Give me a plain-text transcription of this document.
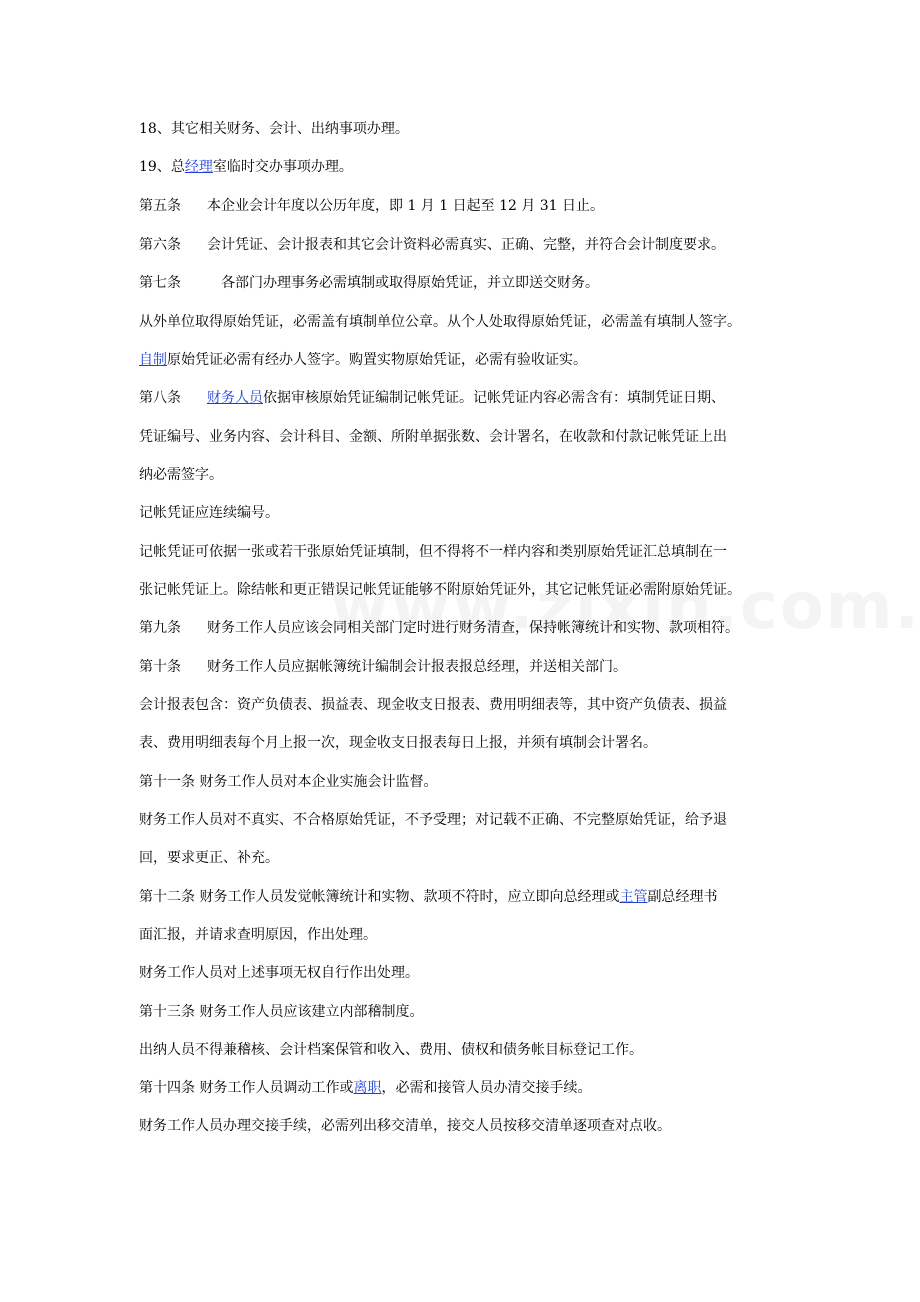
18、其它相关财务、会计、出纳事项办理。
19、总经理室临时交办事项办理。
第五条 本企业会计年度以公历年度，即 1 月 1 日起至 12 月 31 日止。
第六条 会计凭证、会计报表和其它会计资料必需真实、正确、完整，并符合会计制度要求。
第七条	各部门办理事务必需填制或取得原始凭证，并立即送交财务。
从外单位取得原始凭证，必需盖有填制单位公章。从个人处取得原始凭证，必需盖有填制人签字。
自制原始凭证必需有经办人签字。购置实物原始凭证，必需有验收证实。
第八条 财务人员依据审核原始凭证编制记帐凭证。记帐凭证内容必需含有：填制凭证日期、
凭证编号、业务内容、会计科目、金额、所附单据张数、会计署名，在收款和付款记帐凭证上出
纳必需签字。
记帐凭证应连续编号。
记帐凭证可依据一张或若干张原始凭证填制，但不得将不一样内容和类别原始凭证汇总填制在一
张记帐凭证上。除结帐和更正错误记帐凭证能够不附原始凭证外，其它记帐凭证必需附原始凭证。
第九条 财务工作人员应该会同相关部门定时进行财务清查，保持帐簿统计和实物、款项相符。
第十条 财务工作人员应据帐簿统计编制会计报表报总经理，并送相关部门。
会计报表包含：资产负债表、损益表、现金收支日报表、费用明细表等，其中资产负债表、损益
表、费用明细表每个月上报一次，现金收支日报表每日上报，并须有填制会计署名。
第十一条 财务工作人员对本企业实施会计监督。
财务工作人员对不真实、不合格原始凭证，不予受理；对记载不正确、不完整原始凭证，给予退
回，要求更正、补充。
第十二条 财务工作人员发觉帐簿统计和实物、款项不符时，应立即向总经理或主管副总经理书
面汇报，并请求查明原因，作出处理。
财务工作人员对上述事项无权自行作出处理。
第十三条 财务工作人员应该建立内部稽制度。
出纳人员不得兼稽核、会计档案保管和收入、费用、债权和债务帐目标登记工作。
第十四条 财务工作人员调动工作或离职，必需和接管人员办清交接手续。
财务工作人员办理交接手续，必需列出移交清单，接交人员按移交清单逐项查对点收。
